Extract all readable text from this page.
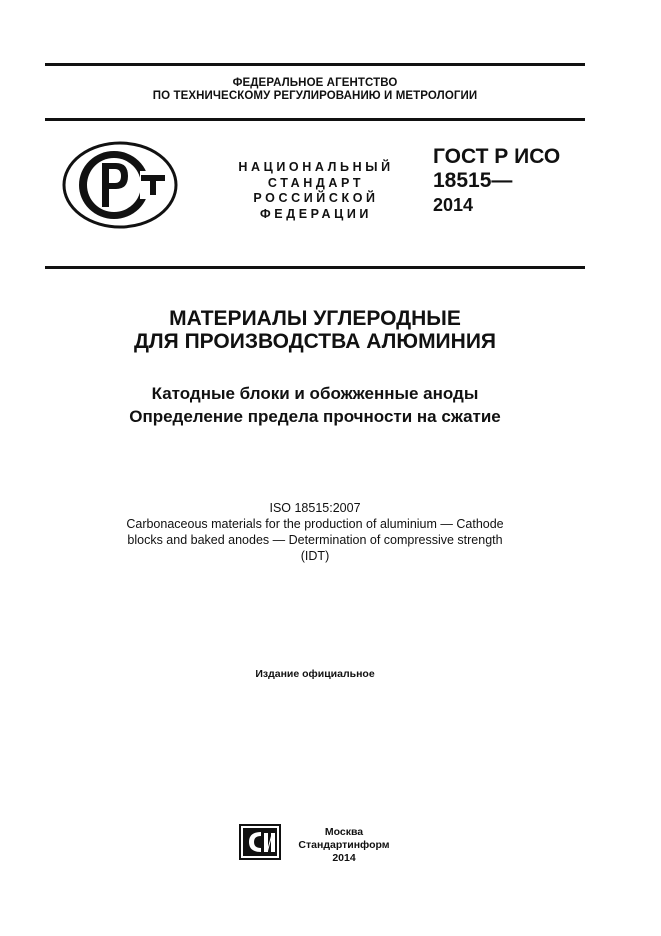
ФЕДЕРАЛЬНОЕ АГЕНТСТВО
ПО ТЕХНИЧЕСКОМУ РЕГУЛИРОВАНИЮ И МЕТРОЛОГИИ
НАЦИОНАЛЬНЫЙ
СТАНДАРТ
РОССИЙСКОЙ
ФЕДЕРАЦИИ
ГОСТ Р ИСО
18515—
2014
МАТЕРИАЛЫ УГЛЕРОДНЫЕ
ДЛЯ ПРОИЗВОДСТВА АЛЮМИНИЯ
Катодные блоки и обожженные аноды
Определение предела прочности на сжатие
ISO 18515:2007
Carbonaceous materials for the production of aluminium — Cathode
blocks and baked anodes — Determination of compressive strength
(IDT)
Издание официальное
Москва
Стандартинформ
2014
